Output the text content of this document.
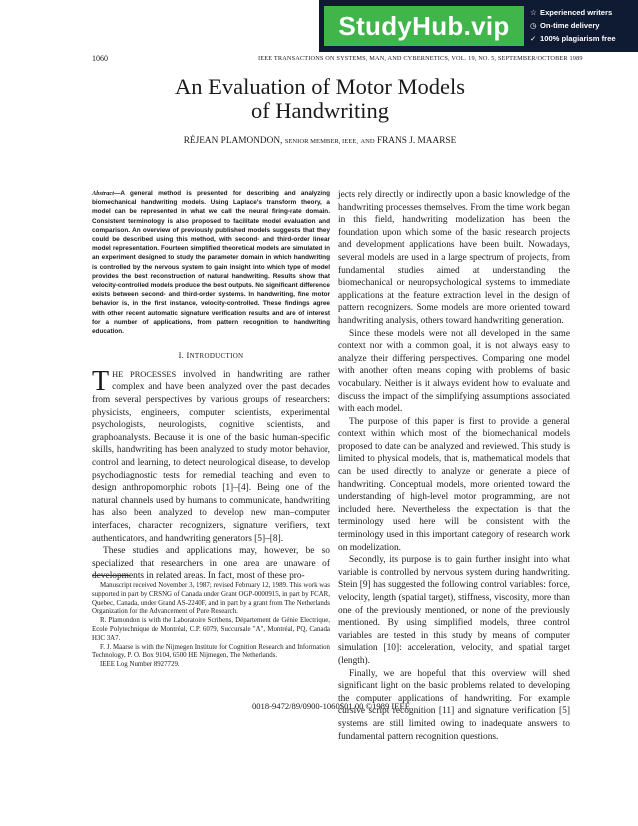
StudyHub.vip	☆ Experienced writers
◷ On-time delivery
✓ 100% plagiarism free
1060	IEEE TRANSACTIONS ON SYSTEMS, MAN, AND CYBERNETICS, VOL. 19, NO. 5, SEPTEMBER/OCTOBER 1989
An Evaluation of Motor Models
of Handwriting
RÉJEAN PLAMONDON, SENIOR MEMBER, IEEE, AND FRANS J. MAARSE
Abstract—A general method is presented for describing and analyzing biomechanical handwriting models. Using Laplace's transform theory, a model can be represented in what we call the neural firing-rate domain. Consistent terminology is also proposed to facilitate model evaluation and comparison. An overview of previously published models suggests that they could be described using this method, with second- and third-order linear model representation. Fourteen simplified theoretical models are simulated in an experiment designed to study the parameter domain in which handwriting is controlled by the nervous system to gain insight into which type of model provides the best reconstruction of natural handwriting. Results show that velocity-controlled models produce the best outputs. No significant difference exists between second- and third-order systems. In handwriting, fine motor behavior is, in the first instance, velocity-controlled. These findings agree with other recent automatic signature verification results and are of interest for a number of applications, from pattern recognition to handwriting education.
I. INTRODUCTION

THE PROCESSES involved in handwriting are rather complex and have been analyzed over the past decades from several perspectives by various groups of researchers: physicists, engineers, computer scientists, experimental psychologists, neurologists, cognitive scientists, and graphoanalysts. Because it is one of the basic human-specific skills, handwriting has been analyzed to study motor behavior, control and learning, to detect neurological disease, to develop psychodiagnostic tests for remedial teaching and even to design anthropomorphic robots [1]–[4]. Being one of the natural channels used by humans to communicate, handwriting has also been analyzed to develop new man–computer interfaces, character recognizers, signature verifiers, text authenticators, and handwriting generators [5]–[8].

These studies and applications may, however, be so specialized that researchers in one area are unaware of developments in related areas. In fact, most of these pro-

Manuscript received November 3, 1987; revised February 12, 1989. This work was supported in part by CRSNG of Canada under Grant OGP-0000915, in part by FCAR, Quebec, Canada, under Grand AS-2240F, and in part by a grant from The Netherlands Organization for the Advancement of Pure Research.

R. Plamondon is with the Laboratoire Scribens, Département de Génie Electrique, Ecole Polytechnique de Montréal, C.P. 6079, Succursale "A", Montréal, PQ, Canada H3C 3A7.

F. J. Maarse is with the Nijmegen Institute for Cognition Research and Information Technology, P. O. Box 9104, 6500 HE Nijmegen, The Netherlands.

IEEE Log Number 8927729.

jects rely directly or indirectly upon a basic knowledge of the handwriting processes themselves. From the time work began in this field, handwriting modelization has been the foundation upon which some of the basic research projects and development applications have been built. Nowadays, several models are used in a large spectrum of projects, from fundamental studies aimed at understanding the biomechanical or neuropsychological systems to immediate applications at the feature extraction level in the design of pattern recognizers. Some models are more oriented toward handwriting analysis, others toward handwriting generation.

Since these models were not all developed in the same context nor with a common goal, it is not always easy to analyze their differing perspectives. Comparing one model with another often means coping with problems of basic vocabulary. Neither is it always evident how to evaluate and discuss the impact of the simplifying assumptions associated with each model.

The purpose of this paper is first to provide a general context within which most of the biomechanical models proposed to date can be analyzed and reviewed. This study is limited to physical models, that is, mathematical models that can be used directly to analyze or generate a piece of handwriting. Conceptual models, more oriented toward the understanding of high-level motor programming, are not included here. Nevertheless the expectation is that the terminology used here will be consistent with the terminology used in this important category of research work on modelization.

Secondly, its purpose is to gain further insight into what variable is controlled by nervous system during handwriting. Stein [9] has suggested the following control variables: force, velocity, length (spatial target), stiffness, viscosity, more than one of the previously mentioned, or none of the previously mentioned. By using simplified models, three control variables are tested in this study by means of computer simulation [10]: acceleration, velocity, and spatial target (length).

Finally, we are hopeful that this overview will shed significant light on the basic problems related to developing the computer applications of handwriting. For example cursive script recognition [11] and signature verification [5] systems are still limited owing to inadequate answers to fundamental pattern recognition questions.

0018-9472/89/0900-1060$01.00 ©1989 IEEE
